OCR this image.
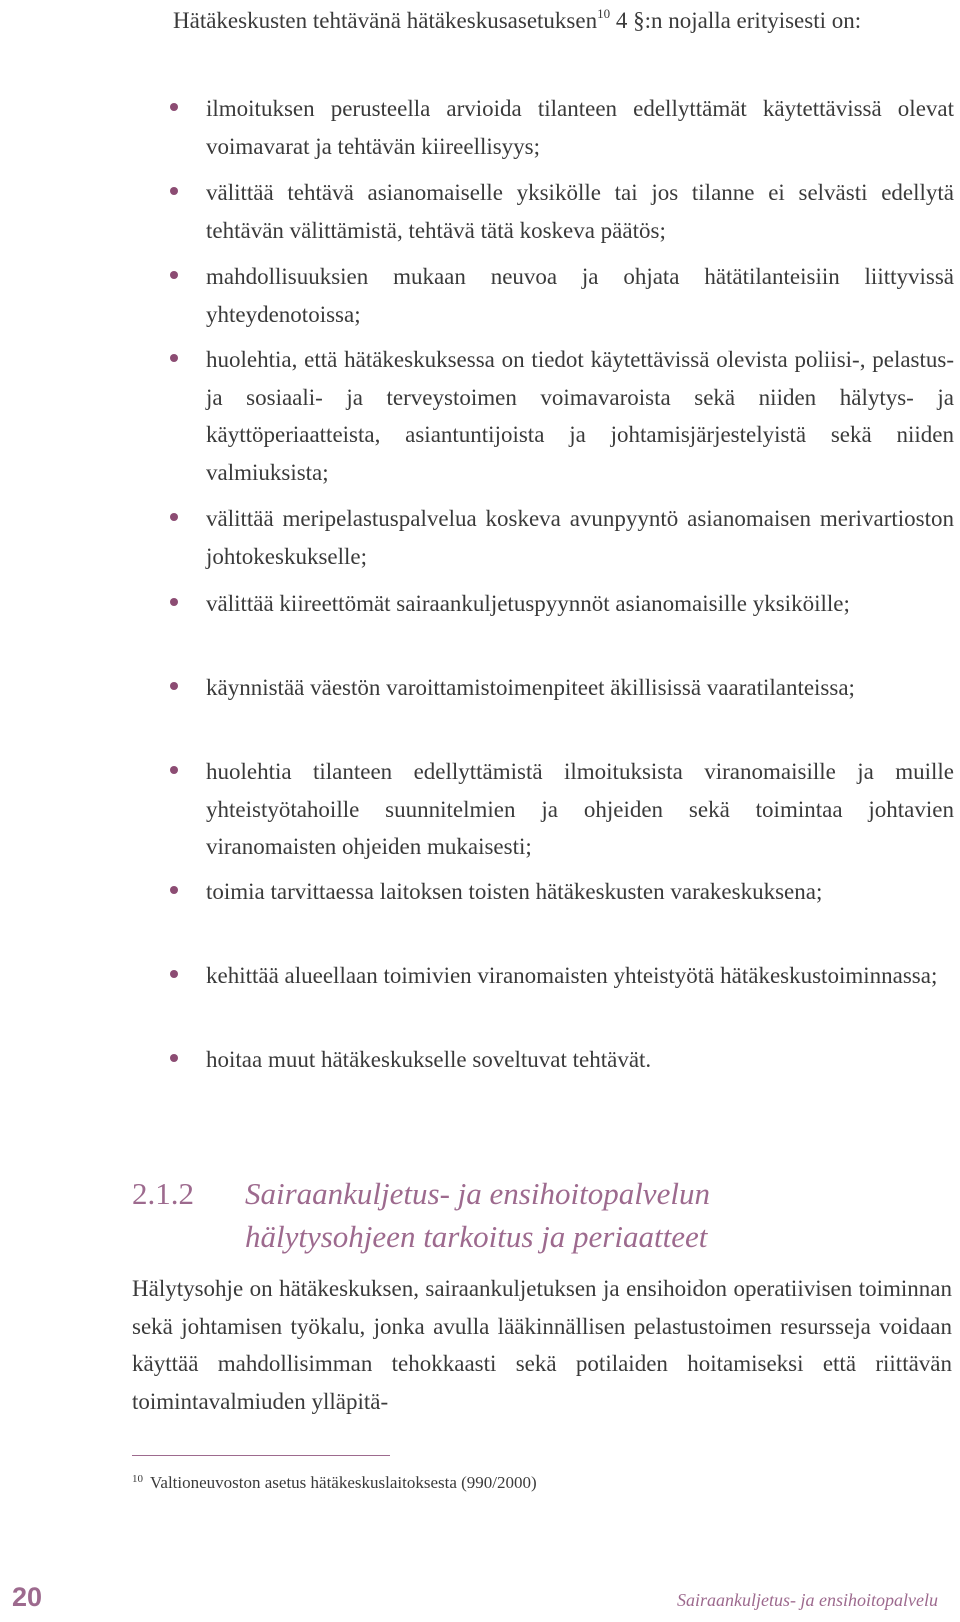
Hätäkeskusten tehtävänä hätäkeskusasetuksen$^{10}$ 4 §:n nojalla erityisesti on:

ilmoituksen perusteella arvioida tilanteen edellyttämät käytettävissä olevat voimavarat ja tehtävän kiireellisyys;
välittää tehtävä asianomaiselle yksikölle tai jos tilanne ei selvästi edellytä tehtävän välittämistä, tehtävä tätä koskeva päätös;
mahdollisuuksien mukaan neuvoa ja ohjata hätätilanteisiin liittyvissä yhteydenotoissa;
huolehtia, että hätäkeskuksessa on tiedot käytettävissä olevista poliisi-, pelastus- ja sosiaali- ja terveystoimen voimavaroista sekä niiden hälytys- ja käyttöperiaatteista, asiantuntijoista ja johtamisjärjestelyistä sekä niiden valmiuksista;
välittää meripelastuspalvelua koskeva avunpyyntö asianomaisen merivartioston johtokeskukselle;
välittää kiireettömät sairaankuljetuspyynnöt asianomaisille yksiköille;
käynnistää väestön varoittamistoimenpiteet äkillisissä vaaratilanteissa;
huolehtia tilanteen edellyttämistä ilmoituksista viranomaisille ja muille yhteistyötahoille suunnitelmien ja ohjeiden sekä toimintaa johtavien viranomaisten ohjeiden mukaisesti;
toimia tarvittaessa laitoksen toisten hätäkeskusten varakeskuksena;
kehittää alueellaan toimivien viranomaisten yhteistyötä hätäkeskustoiminnassa;
hoitaa muut hätäkeskukselle soveltuvat tehtävät.
2.1.2 Sairaankuljetus- ja ensihoitopalvelun hälytysohjeen tarkoitus ja periaatteet

Hälytysohje on hätäkeskuksen, sairaankuljetuksen ja ensihoidon operatiivisen toiminnan sekä johtamisen työkalu, jonka avulla lääkinnällisen pelastustoimen resursseja voidaan käyttää mahdollisimman tehokkaasti sekä potilaiden hoitamiseksi että riittävän toimintavalmiuden ylläpitä-

$^{10}$ Valtioneuvoston asetus hätäkeskuslaitoksesta (990/2000)

20	Sairaankuljetus- ja ensihoitopalvelu
